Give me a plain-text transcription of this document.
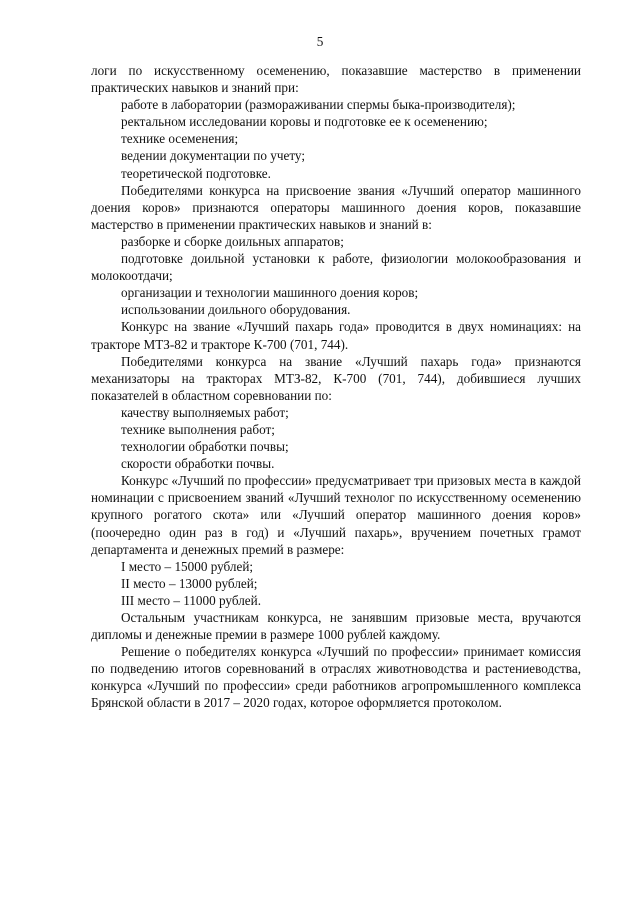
5

логи по искусственному осеменению, показавшие мастерство в применении практических навыков и знаний при:

работе в лаборатории (размораживании спермы быка-производителя);

ректальном исследовании коровы и подготовке ее к осеменению;

технике осеменения;

ведении документации по учету;

теоретической подготовке.

Победителями конкурса на присвоение звания «Лучший оператор машинного доения коров» признаются операторы машинного доения коров, показавшие мастерство в применении практических навыков и знаний в:

разборке и сборке доильных аппаратов;

подготовке доильной установки к работе, физиологии молокообразования и молокоотдачи;

организации и технологии машинного доения коров;

использовании доильного оборудования.

Конкурс на звание «Лучший пахарь года» проводится в двух номинациях: на тракторе МТЗ-82 и тракторе К-700 (701, 744).

Победителями конкурса на звание «Лучший пахарь года» признаются механизаторы на тракторах МТЗ-82, К-700 (701, 744), добившиеся лучших показателей в областном соревновании по:

качеству выполняемых работ;

технике выполнения работ;

технологии обработки почвы;

скорости обработки почвы.

Конкурс «Лучший по профессии» предусматривает три призовых места в каждой номинации с присвоением званий «Лучший технолог по искусственному осеменению крупного рогатого скота» или «Лучший оператор машинного доения коров» (поочередно один раз в год) и «Лучший пахарь», вручением почетных грамот департамента и денежных премий в размере:

I место – 15000 рублей;

II место – 13000 рублей;

III место – 11000 рублей.

Остальным участникам конкурса, не занявшим призовые места, вручаются дипломы и денежные премии в размере 1000 рублей каждому.

Решение о победителях конкурса «Лучший по профессии» принимает комиссия по подведению итогов соревнований в отраслях животноводства и растениеводства, конкурса «Лучший по профессии» среди работников агропромышленного комплекса Брянской области в 2017 – 2020 годах, которое оформляется протоколом.
